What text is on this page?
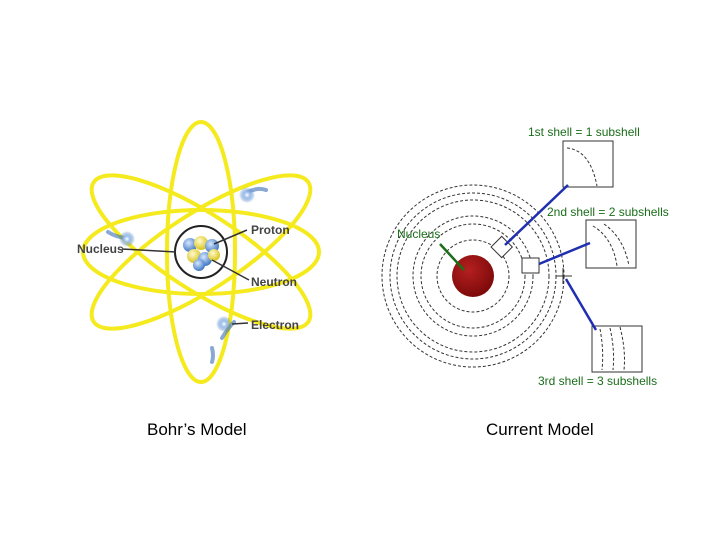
Nucleus
Proton
Neutron
Electron
Nucleus
1st shell = 1 subshell
2nd shell = 2 subshells
3rd shell = 3 subshells
Bohr’s Model	Current Model
